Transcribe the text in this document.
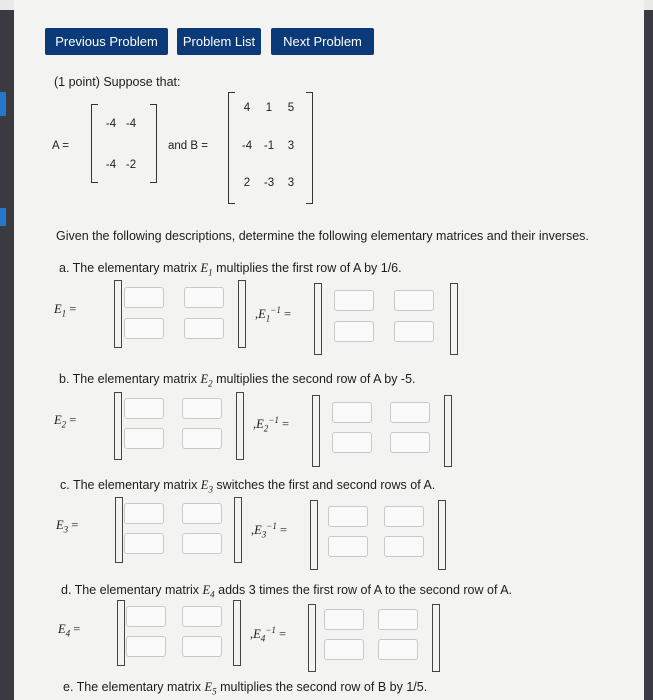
Previous Problem	Problem List	Next Problem
(1 point) Suppose that:
A =
-4 -4
-4 -2
and B =
4	1	5
-4	-1	3
2	-3	3
Given the following descriptions, determine the following elementary matrices and their inverses.
a. The elementary matrix $E_1$ multiplies the first row of A by 1/6.
$E_1$ =	$,E_1^{-1}$ =
b. The elementary matrix $E_2$ multiplies the second row of A by -5.
$E_2$ =	$,E_2^{-1}$ =
c. The elementary matrix $E_3$ switches the first and second rows of A.
$E_3$ =	$,E_3^{-1}$ =
d. The elementary matrix $E_4$ adds 3 times the first row of A to the second row of A.
$E_4$ =	$,E_4^{-1}$ =
e. The elementary matrix $E_5$ multiplies the second row of B by 1/5.
